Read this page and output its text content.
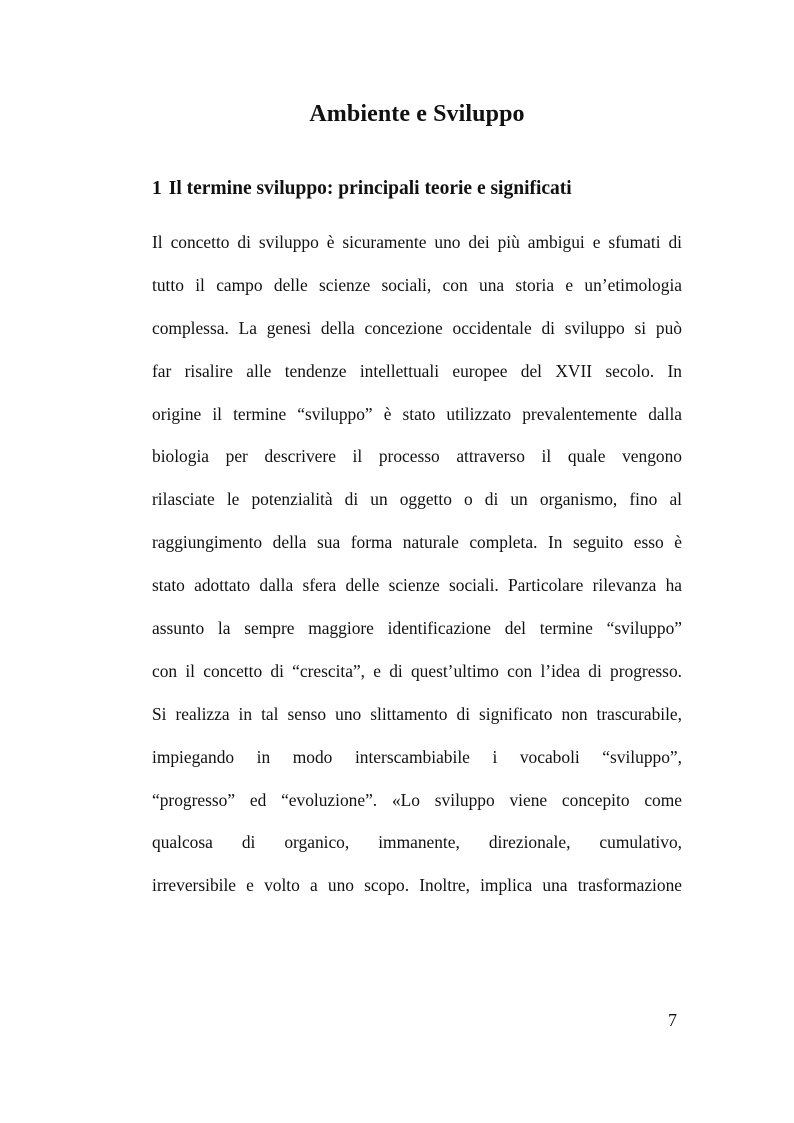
Ambiente e Sviluppo
1 Il termine sviluppo: principali teorie e significati
Il concetto di sviluppo è sicuramente uno dei più ambigui e sfumati di
tutto il campo delle scienze sociali, con una storia e un’etimologia
complessa. La genesi della concezione occidentale di sviluppo si può
far risalire alle tendenze intellettuali europee del XVII secolo. In
origine il termine “sviluppo” è stato utilizzato prevalentemente dalla
biologia per descrivere il processo attraverso il quale vengono
rilasciate le potenzialità di un oggetto o di un organismo, fino al
raggiungimento della sua forma naturale completa. In seguito esso è
stato adottato dalla sfera delle scienze sociali. Particolare rilevanza ha
assunto la sempre maggiore identificazione del termine “sviluppo”
con il concetto di “crescita”, e di quest’ultimo con l’idea di progresso.
Si realizza in tal senso uno slittamento di significato non trascurabile,
impiegando in modo interscambiabile i vocaboli “sviluppo”,
“progresso” ed “evoluzione”. «Lo sviluppo viene concepito come
qualcosa di organico, immanente, direzionale, cumulativo,
irreversibile e volto a uno scopo. Inoltre, implica una trasformazione

7
